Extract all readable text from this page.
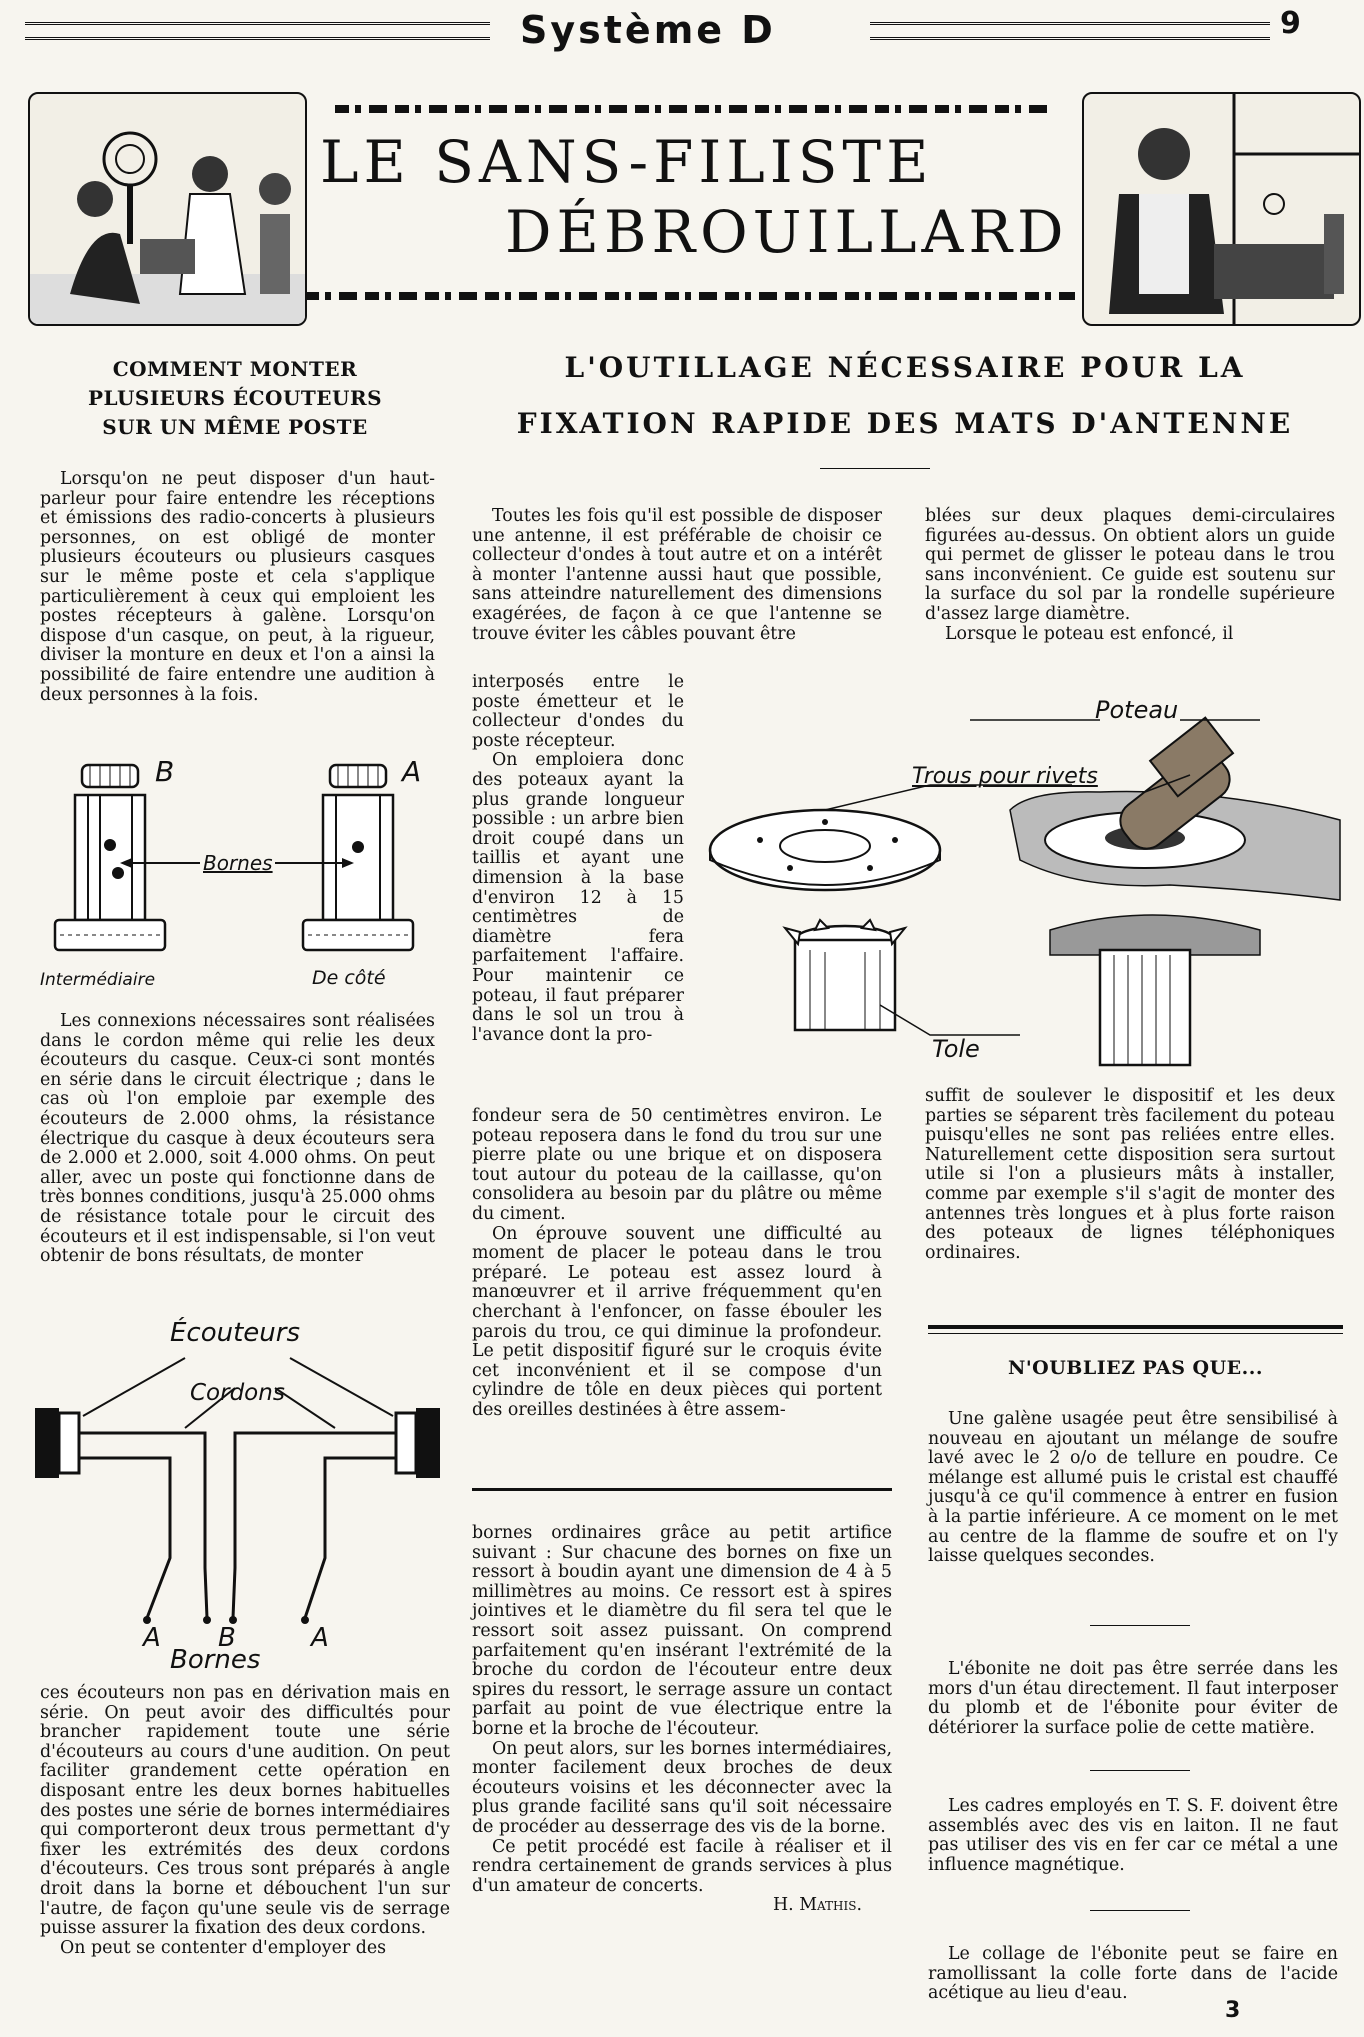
Système D	9
LE SANS-FILISTE
DÉBROUILLARD
COMMENT MONTER
PLUSIEURS ÉCOUTEURS
SUR UN MÊME POSTE

Lorsqu'on ne peut disposer d'un haut-parleur pour faire entendre les réceptions et émissions des radio-concerts à plusieurs personnes, on est obligé de monter plusieurs écouteurs ou plusieurs casques sur le même poste et cela s'applique particulièrement à ceux qui emploient les postes récepteurs à galène. Lorsqu'on dispose d'un casque, on peut, à la rigueur, diviser la monture en deux et l'on a ainsi la possibilité de faire entendre une audition à deux personnes à la fois.

B	A
Bornes
Intermédiaire	De côté

Les connexions nécessaires sont réalisées dans le cordon même qui relie les deux écouteurs du casque. Ceux-ci sont montés en série dans le circuit électrique ; dans le cas où l'on emploie par exemple des écouteurs de 2.000 ohms, la résistance électrique du casque à deux écouteurs sera de 2.000 et 2.000, soit 4.000 ohms. On peut aller, avec un poste qui fonctionne dans de très bonnes conditions, jusqu'à 25.000 ohms de résistance totale pour le circuit des écouteurs et il est indispensable, si l'on veut obtenir de bons résultats, de monter

Écouteurs
Cordons
A B	A
Bornes

ces écouteurs non pas en dérivation mais en série. On peut avoir des difficultés pour brancher rapidement toute une série d'écouteurs au cours d'une audition. On peut faciliter grandement cette opération en disposant entre les deux bornes habituelles des postes une série de bornes intermédiaires qui comporteront deux trous permettant d'y fixer les extrémités des deux cordons d'écouteurs. Ces trous sont préparés à angle droit dans la borne et débouchent l'un sur l'autre, de façon qu'une seule vis de serrage puisse assurer la fixation des deux cordons.

On peut se contenter d'employer des

L'OUTILLAGE NÉCESSAIRE POUR LA
FIXATION RAPIDE DES MATS D'ANTENNE

Toutes les fois qu'il est possible de disposer une antenne, il est préférable de choisir ce collecteur d'ondes à tout autre et on a intérêt à monter l'antenne aussi haut que possible, sans atteindre naturellement des dimensions exagérées, de façon à ce que l'antenne se trouve éviter les câbles pouvant être

interposés entre le poste émetteur et le collecteur d'ondes du poste récepteur.

On emploiera donc des poteaux ayant la plus grande longueur possible : un arbre bien droit coupé dans un taillis et ayant une dimension à la base d'environ 12 à 15 centimètres de diamètre fera parfaitement l'affaire. Pour maintenir ce poteau, il faut préparer dans le sol un trou à l'avance dont la pro-

fondeur sera de 50 centimètres environ. Le poteau reposera dans le fond du trou sur une pierre plate ou une brique et on disposera tout autour du poteau de la caillasse, qu'on consolidera au besoin par du plâtre ou même du ciment.

On éprouve souvent une difficulté au moment de placer le poteau dans le trou préparé. Le poteau est assez lourd à manœuvrer et il arrive fréquemment qu'en cherchant à l'enfoncer, on fasse ébouler les parois du trou, ce qui diminue la profondeur. Le petit dispositif figuré sur le croquis évite cet inconvénient et il se compose d'un cylindre de tôle en deux pièces qui portent des oreilles destinées à être assem-

blées sur deux plaques demi-circulaires figurées au-dessus. On obtient alors un guide qui permet de glisser le poteau dans le trou sans inconvénient. Ce guide est soutenu sur la surface du sol par la rondelle supérieure d'assez large diamètre.

Lorsque le poteau est enfoncé, il

Poteau
Trous pour rivets
Tole

suffit de soulever le dispositif et les deux parties se séparent très facilement du poteau puisqu'elles ne sont pas reliées entre elles. Naturellement cette disposition sera surtout utile si l'on a plusieurs mâts à installer, comme par exemple s'il s'agit de monter des antennes très longues et à plus forte raison des poteaux de lignes téléphoniques ordinaires.

bornes ordinaires grâce au petit artifice suivant : Sur chacune des bornes on fixe un ressort à boudin ayant une dimension de 4 à 5 millimètres au moins. Ce ressort est à spires jointives et le diamètre du fil sera tel que le ressort soit assez puissant. On comprend parfaitement qu'en insérant l'extrémité de la broche du cordon de l'écouteur entre deux spires du ressort, le serrage assure un contact parfait au point de vue électrique entre la borne et la broche de l'écouteur.

On peut alors, sur les bornes intermédiaires, monter facilement deux broches de deux écouteurs voisins et les déconnecter avec la plus grande facilité sans qu'il soit nécessaire de procéder au desserrage des vis de la borne.

Ce petit procédé est facile à réaliser et il rendra certainement de grands services à plus d'un amateur de concerts.

H. Mathis.
N'OUBLIEZ PAS QUE...

Une galène usagée peut être sensibilisé à nouveau en ajoutant un mélange de soufre lavé avec le 2 o/o de tellure en poudre. Ce mélange est allumé puis le cristal est chauffé jusqu'à ce qu'il commence à entrer en fusion à la partie inférieure. A ce moment on le met au centre de la flamme de soufre et on l'y laisse quelques secondes.

L'ébonite ne doit pas être serrée dans les mors d'un étau directement. Il faut interposer du plomb et de l'ébonite pour éviter de détériorer la surface polie de cette matière.

Les cadres employés en T. S. F. doivent être assemblés avec des vis en laiton. Il ne faut pas utiliser des vis en fer car ce métal a une influence magnétique.

Le collage de l'ébonite peut se faire en ramollissant la colle forte dans de l'acide acétique au lieu d'eau.

3
